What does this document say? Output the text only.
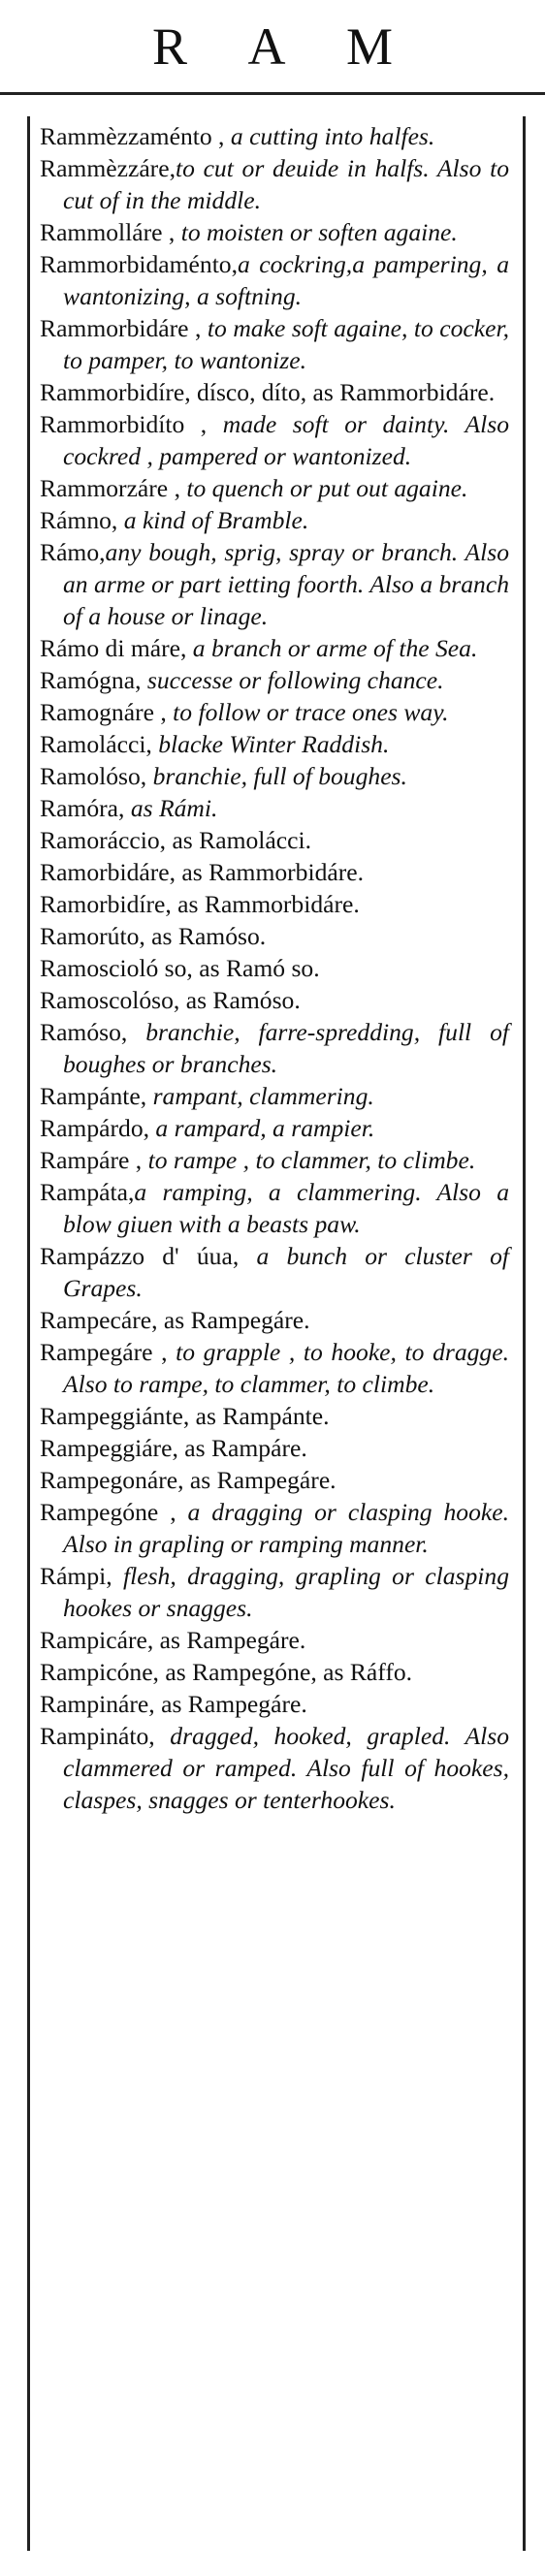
R A M

Rammèzzaménto , a cutting into halfes.

Rammèzzáre,to cut or deuide in halfs. Also to cut of in the middle.

Rammolláre , to moisten or soften againe.

Rammorbidaménto,a cockring,a pampering, a wantonizing, a softning.

Rammorbidáre , to make soft againe, to cocker, to pamper, to wantonize.

Rammorbidíre, dísco, díto, as Rammorbidáre.

Rammorbidíto , made soft or dainty. Also cockred , pampered or wantonized.

Rammorzáre , to quench or put out againe.

Rámno, a kind of Bramble.

Rámo,any bough, sprig, spray or branch. Also an arme or part ietting foorth. Also a branch of a house or linage.

Rámo di máre, a branch or arme of the Sea.

Ramógna, successe or following chance.

Ramognáre , to follow or trace ones way.

Ramolácci, blacke Winter Raddish.

Ramolóso, branchie, full of boughes.

Ramóra, as Rámi.

Ramoráccio, as Ramolácci.

Ramorbidáre, as Rammorbidáre.

Ramorbidíre, as Rammorbidáre.

Ramorúto, as Ramóso.

Ramoscioló so, as Ramó so.

Ramoscolóso, as Ramóso.

Ramóso, branchie, farre-spredding, full of boughes or branches.

Rampánte, rampant, clammering.

Rampárdo, a rampard, a rampier.

Rampáre , to rampe , to clammer, to climbe.

Rampáta,a ramping, a clammering. Also a blow giuen with a beasts paw.

Rampázzo d' úua, a bunch or cluster of Grapes.

Rampecáre, as Rampegáre.

Rampegáre , to grapple , to hooke, to dragge. Also to rampe, to clammer, to climbe.

Rampeggiánte, as Rampánte.

Rampeggiáre, as Rampáre.

Rampegonáre, as Rampegáre.

Rampegóne , a dragging or clasping hooke. Also in grapling or ramping manner.

Rámpi, flesh, dragging, grapling or clasping hookes or snagges.

Rampicáre, as Rampegáre.

Rampicóne, as Rampegóne, as Ráffo.

Rampináre, as Rampegáre.

Rampináto, dragged, hooked, grapled. Also clammered or ramped. Also full of hookes, claspes, snagges or tenterhookes.
